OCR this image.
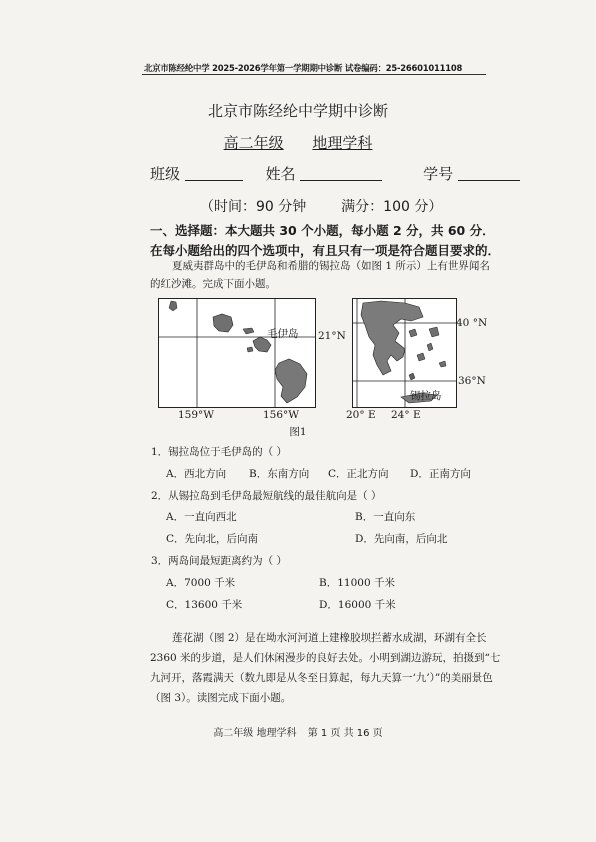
北京市陈经纶中学 2025-2026学年第一学期期中诊断 试卷编码：25-26601011108
北京市陈经纶中学期中诊断
高二年级 地理学科
班级	姓名	学号
（时间：90 分钟 满分：100 分）
一、选择题：本大题共 30 个小题，每小题 2 分，共 60 分．在每小题给出的四个选项中，有且只有一项是符合题目要求的．
夏威夷群岛中的毛伊岛和希腊的锡拉岛（如图 1 所示）上有世界闻名的红沙滩。完成下面小题。
毛伊岛 21°N
159°W	156°W
40 °N
36°N
锡拉岛
20° E 24° E
图1
1．锡拉岛位于毛伊岛的（ ）
A．西北方向 B．东南方向 C．正北方向 D．正南方向
2．从锡拉岛到毛伊岛最短航线的最佳航向是（ ）
A．一直向西北	B．一直向东
C．先向北，后向南	D．先向南，后向北
3．两岛间最短距离约为（ ）
A．7000 千米	B．11000 千米
C．13600 千米	D．16000 千米
莲花湖（图 2）是在坳水河河道上建橡胶坝拦蓄水成湖，环湖有全长 2360 米的步道，是人们休闲漫步的良好去处。小明到湖边游玩，拍摄到“七九河开，落霞满天（数九即是从冬至日算起，每九天算一‘九’）”的美丽景色（图 3）。读图完成下面小题。
高二年级 地理学科 第 1 页 共 16 页
